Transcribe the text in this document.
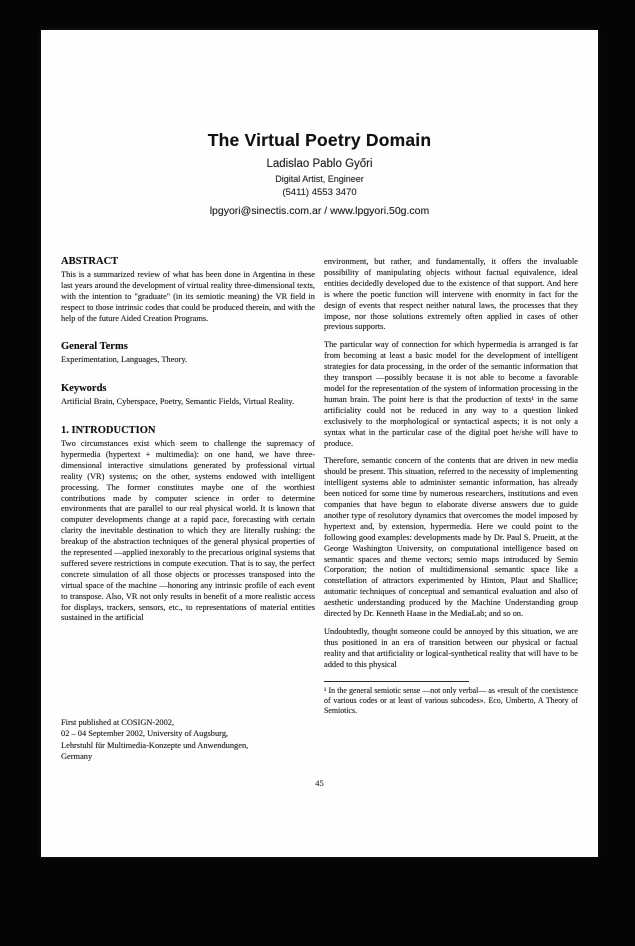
The Virtual Poetry Domain
Ladislao Pablo Győri
Digital Artist, Engineer
(5411) 4553 3470
lpgyori@sinectis.com.ar / www.lpgyori.50g.com
ABSTRACT

This is a summarized review of what has been done in Argentina in these last years around the development of virtual reality three-dimensional texts, with the intention to "graduate" (in its semiotic meaning) the VR field in respect to those intrinsic codes that could be produced therein, and with the help of the future Aided Creation Programs.

General Terms

Experimentation, Languages, Theory.

Keywords

Artificial Brain, Cyberspace, Poetry, Semantic Fields, Virtual Reality.

1. INTRODUCTION

Two circumstances exist which seem to challenge the supremacy of hypermedia (hypertext + multimedia): on one hand, we have three-dimensional interactive simulations generated by professional virtual reality (VR) systems; on the other, systems endowed with intelligent processing. The former constitutes maybe one of the worthiest contributions made by computer science in order to determine environments that are parallel to our real physical world. It is known that computer developments change at a rapid pace, forecasting with certain clarity the inevitable destination to which they are literally rushing: the breakup of the abstraction techniques of the general physical properties of the represented —applied inexorably to the precarious original systems that suffered severe restrictions in compute execution. That is to say, the perfect concrete simulation of all those objects or processes transposed into the virtual space of the machine —honoring any intrinsic profile of each event to transpose. Also, VR not only results in benefit of a more realistic access for displays, trackers, sensors, etc., to representations of material entities sustained in the artificial

First published at COSIGN-2002,
02 – 04 September 2002, University of Augsburg,
Lehrstuhl für Multimedia-Konzepte und Anwendungen,
Germany

environment, but rather, and fundamentally, it offers the invaluable possibility of manipulating objects without factual equivalence, ideal entities decidedly developed due to the existence of that support. And here is where the poetic function will intervene with enormity in fact for the design of events that respect neither natural laws, the processes that they impose, nor those solutions extremely often applied in cases of other previous supports.

The particular way of connection for which hypermedia is arranged is far from becoming at least a basic model for the development of intelligent strategies for data processing, in the order of the semantic information that they transport —possibly because it is not able to become a favorable model for the representation of the system of information processing in the human brain. The point here is that the production of texts¹ in the same artificiality could not be reduced in any way to a question linked exclusively to the morphological or syntactical aspects; it is not only a syntax what in the particular case of the digital poet he/she will have to produce.

Therefore, semantic concern of the contents that are driven in new media should be present. This situation, referred to the necessity of implementing intelligent systems able to administer semantic information, has already been noticed for some time by numerous researchers, institutions and even companies that have begun to elaborate diverse answers due to guide another type of resolutory dynamics that overcomes the model imposed by hypertext and, by extension, hypermedia. Here we could point to the following good examples: developments made by Dr. Paul S. Prueitt, at the George Washington University, on computational intelligence based on semantic spaces and theme vectors; semio maps introduced by Semio Corporation; the notion of multidimensional semantic space like a constellation of attractors experimented by Hinton, Plaut and Shallice; automatic techniques of conceptual and semantical evaluation and also of aesthetic understanding produced by the Machine Understanding group directed by Dr. Kenneth Haase in the MediaLab; and so on.

Undoubtedly, thought someone could be annoyed by this situation, we are thus positioned in an era of transition between our physical or factual reality and that artificiality or logical-synthetical reality that will have to be added to this physical

¹ In the general semiotic sense —not only verbal— as «result of the coexistence of various codes or at least of various subcodes». Eco, Umberto, A Theory of Semiotics.

45
